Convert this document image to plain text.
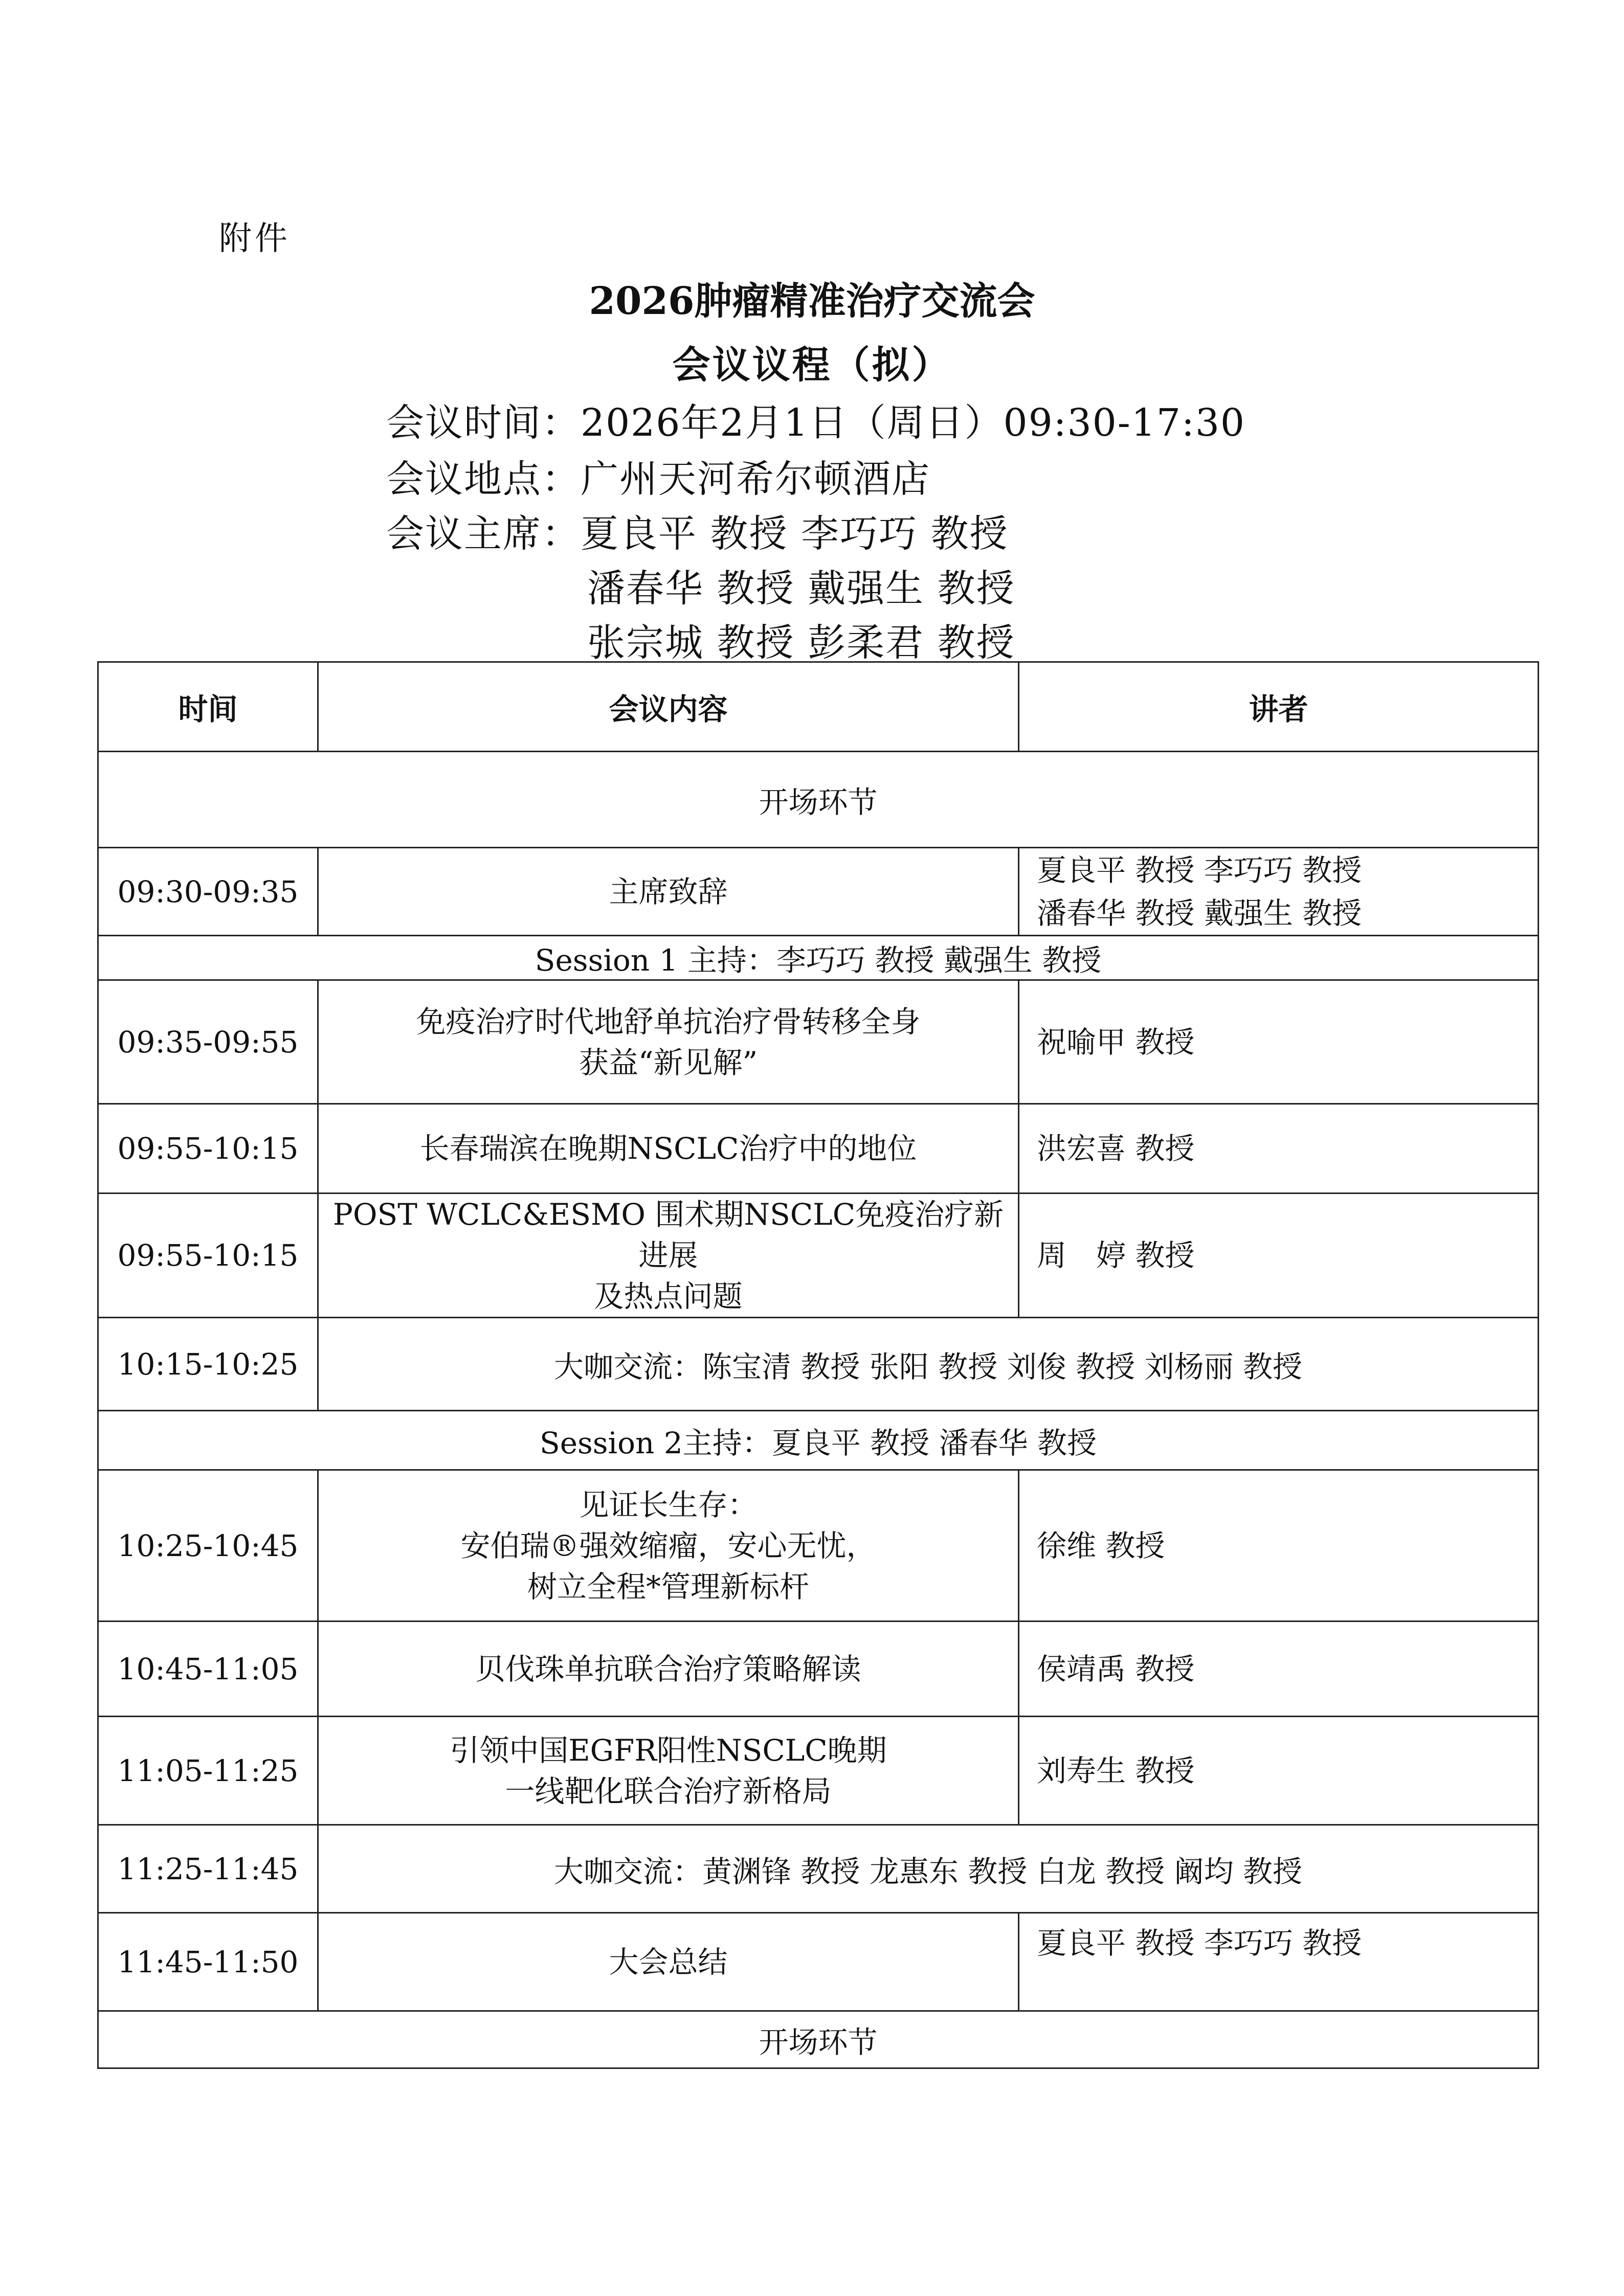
附件
2026肿瘤精准治疗交流会
会议议程（拟）
会议时间：2026年2月1日（周日）09:30-17:30
会议地点：广州天河希尔顿酒店
会议主席：夏良平 教授 李巧巧 教授
潘春华 教授 戴强生 教授
张宗城 教授 彭柔君 教授
时间	会议内容	讲者
开场环节		
09:30-09:35	主席致辞	夏良平 教授 李巧巧 教授
潘春华 教授 戴强生 教授

Session 1 主持：李巧巧 教授 戴强生 教授		
09:35-09:55	免疫治疗时代地舒单抗治疗骨转移全身
获益“新见解”	祝喻甲 教授
09:55-10:15	长春瑞滨在晚期NSCLC治疗中的地位	洪宏喜 教授
09:55-10:15	POST WCLC&ESMO 围术期NSCLC免疫治疗新进展
及热点问题	周　婷 教授
10:15-10:25	大咖交流：陈宝清 教授 张阳 教授 刘俊 教授 刘杨丽 教授	
Session 2主持：夏良平 教授 潘春华 教授		
10:25-10:45	见证长生存：
安伯瑞®强效缩瘤，安心无忧，
树立全程*管理新标杆	徐维 教授
10:45-11:05	贝伐珠单抗联合治疗策略解读	侯靖禹 教授
11:05-11:25	引领中国EGFR阳性NSCLC晚期
一线靶化联合治疗新格局	刘寿生 教授
11:25-11:45	大咖交流：黄渊锋 教授 龙惠东 教授 白龙 教授 阚均 教授	
11:45-11:50	大会总结	夏良平 教授 李巧巧 教授
开场环节		
